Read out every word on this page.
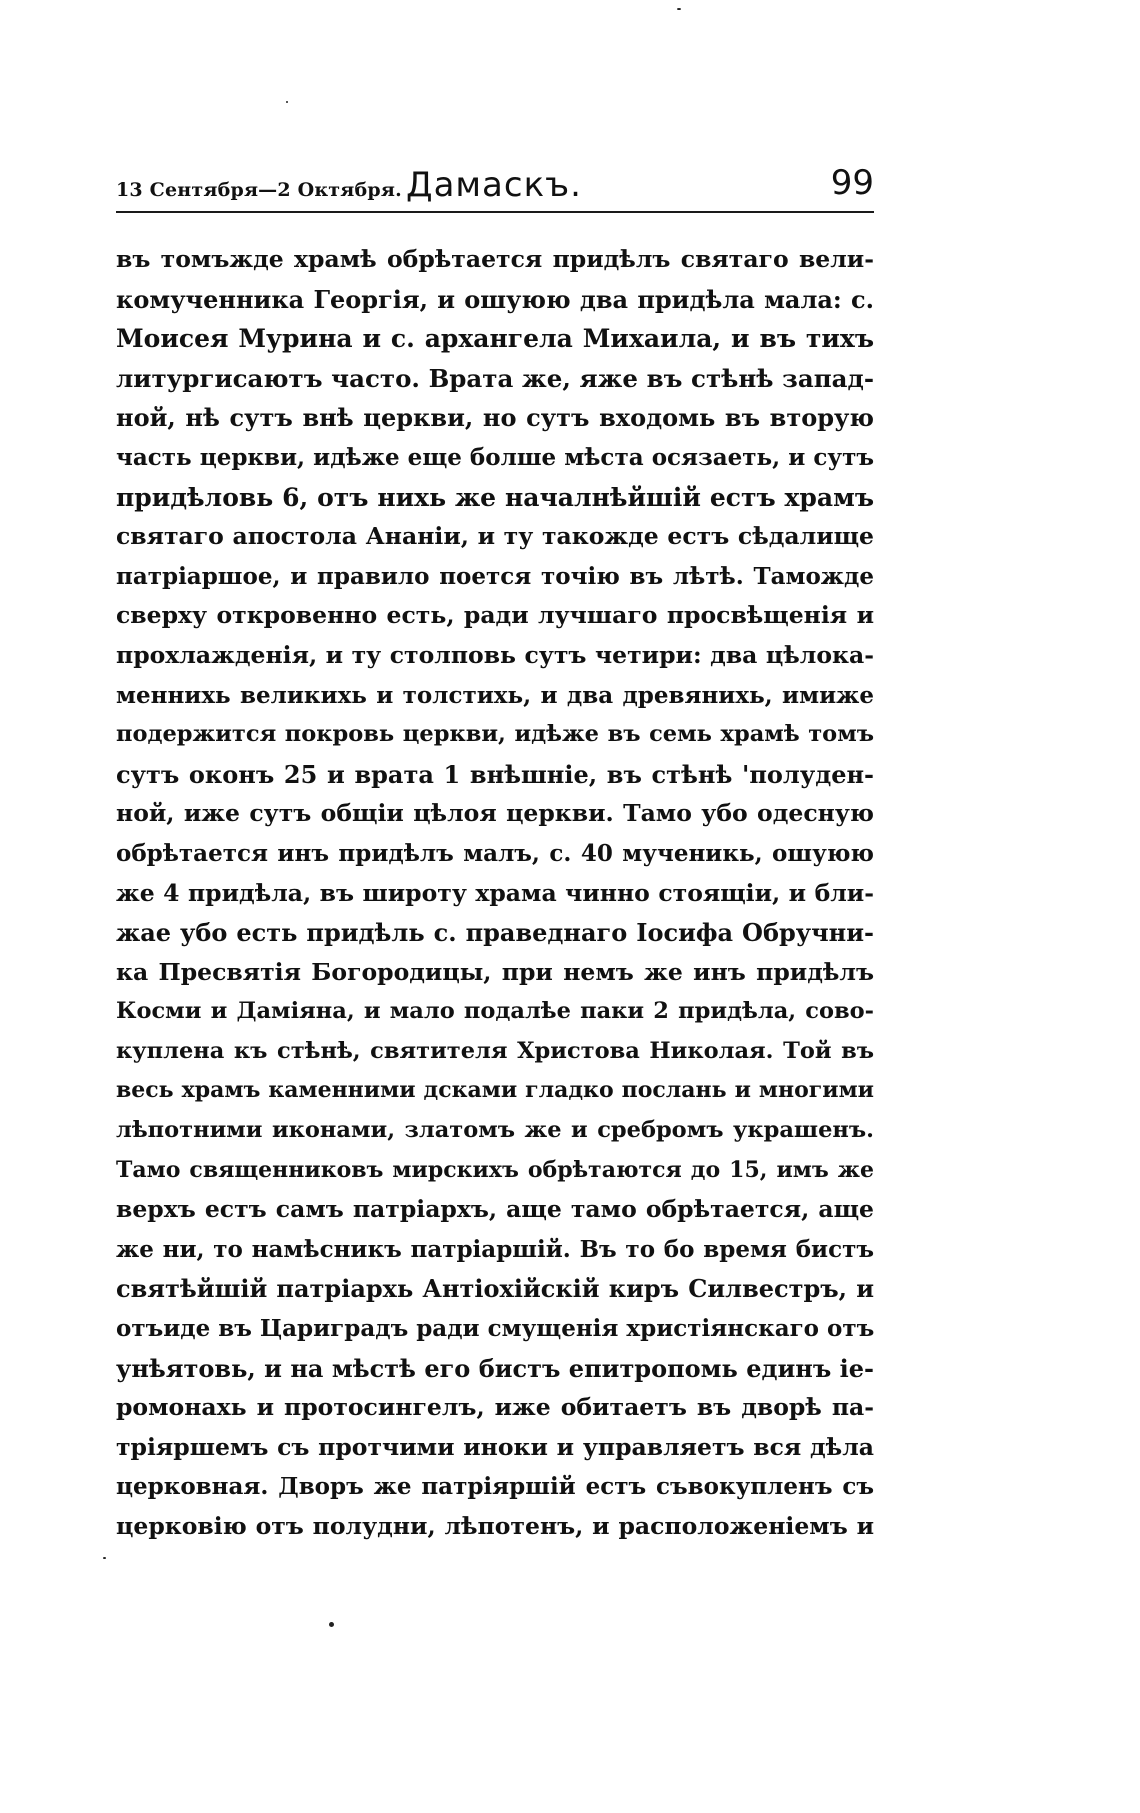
13 Сентября—2 Октября. Дамаскъ.	99
въ томъжде храмѣ обрѣтается придѣлъ святаго вели-
комученника Георгія, и ошуюю два придѣла мала: с.
Моисея Мурина и с. архангела Михаила, и въ тихъ
литургисаютъ часто. Врата же, яже въ стѣнѣ запад-
ной, нѣ сутъ внѣ церкви, но сутъ входомь въ вторую
часть церкви, идѣже еще болше мѣста осязаеть, и сутъ
придѣловь 6, отъ нихь же началнѣйшій естъ храмъ
святаго апостола Ананіи, и ту такожде естъ сѣдалище
патріаршое, и правило поется точію въ лѣтѣ. Таможде
сверху откровенно есть, ради лучшаго просвѣщенія и
прохлажденія, и ту столповь сутъ четири: два цѣлока-
меннихь великихь и толстихь, и два древянихь, имиже
подержится покровь церкви, идѣже въ семь храмѣ томъ
сутъ оконъ 25 и врата 1 внѣшніе, въ стѣнѣ 'полуден-
ной, иже сутъ общіи цѣлоя церкви. Тамо убо одесную
обрѣтается инъ придѣлъ малъ, с. 40 мученикь, ошуюю
же 4 придѣла, въ широту храма чинно стоящіи, и бли-
жае убо есть придѣль с. праведнаго Іосифа Обручни-
ка Пресвятія Богородицы, при немъ же инъ придѣлъ
Косми и Даміяна, и мало подалѣе паки 2 придѣла, сово-
куплена къ стѣнѣ, святителя Христова Николая. Той въ
весь храмъ каменними дсками гладко послань и многими
лѣпотними иконами, златомъ же и сребромъ украшенъ.
Тамо священниковъ мирскихъ обрѣтаются до 15, имъ же
верхъ естъ самъ патріархъ, аще тамо обрѣтается, аще
же ни, то намѣсникъ патріаршій. Въ то бо время бистъ
святѣйшій патріархь Антіохійскій киръ Силвестръ, и
отъиде въ Цариградъ ради смущенія христіянскаго отъ
унѣятовь, и на мѣстѣ его бистъ епитропомь единъ іе-
ромонахь и протосингелъ, иже обитаетъ въ дворѣ па-
тріяршемъ съ протчими иноки и управляетъ вся дѣла
церковная. Дворъ же патріяршій естъ съвокупленъ съ
церковію отъ полудни, лѣпотенъ, и расположеніемъ и
